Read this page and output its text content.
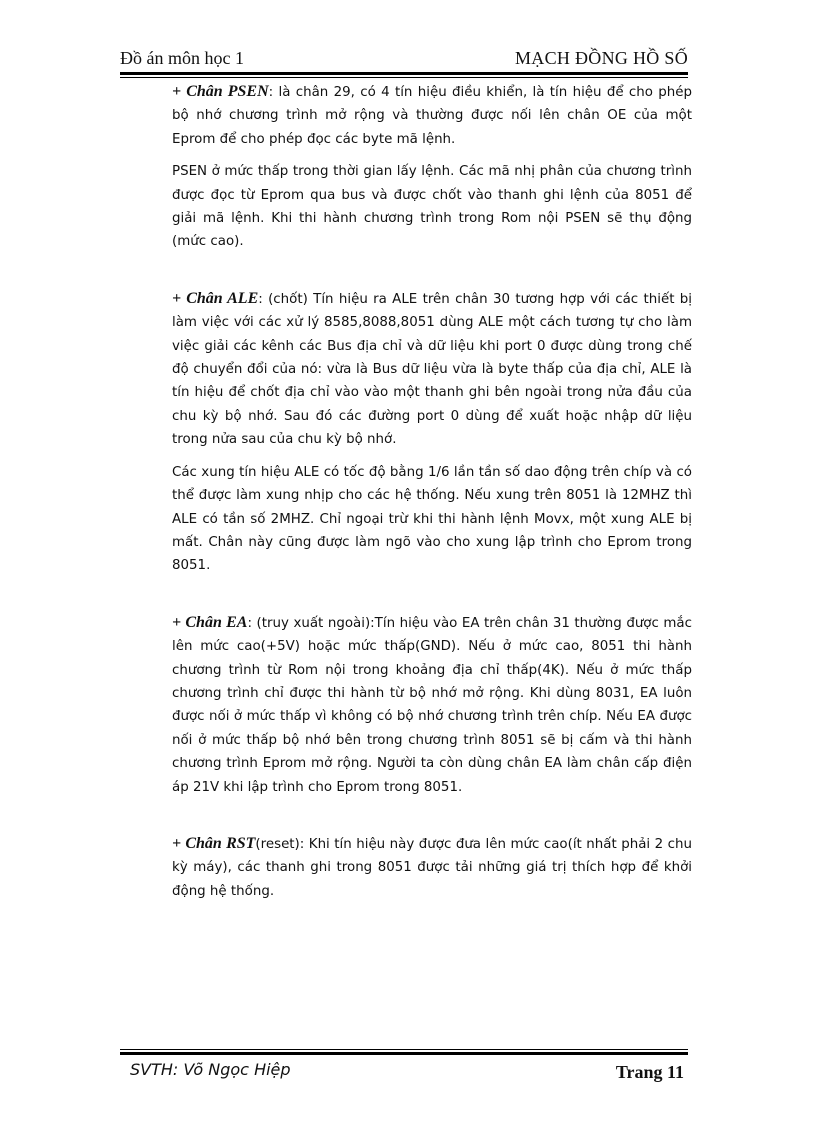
Đồ án môn học 1	MẠCH ĐỒNG HỒ SỐ

+ Chân PSEN: là chân 29, có 4 tín hiệu điều khiển, là tín hiệu để cho phép bộ nhớ chương trình mở rộng và thường được nối lên chân OE của một Eprom để cho phép đọc các byte mã lệnh.

PSEN ở mức thấp trong thời gian lấy lệnh. Các mã nhị phân của chương trình được đọc từ Eprom qua bus và được chốt vào thanh ghi lệnh của 8051 để giải mã lệnh. Khi thi hành chương trình trong Rom nội PSEN sẽ thụ động (mức cao).

+ Chân ALE: (chốt) Tín hiệu ra ALE trên chân 30 tương hợp với các thiết bị làm việc với các xử lý 8585,8088,8051 dùng ALE một cách tương tự cho làm việc giải các kênh các Bus địa chỉ và dữ liệu khi port 0 được dùng trong chế độ chuyển đổi của nó: vừa là Bus dữ liệu vừa là byte thấp của địa chỉ, ALE là tín hiệu để chốt địa chỉ vào vào một thanh ghi bên ngoài trong nửa đầu của chu kỳ bộ nhớ. Sau đó các đường port 0 dùng để xuất hoặc nhập dữ liệu trong nửa sau của chu kỳ bộ nhớ.

Các xung tín hiệu ALE có tốc độ bằng 1/6 lần tần số dao động trên chíp và có thể được làm xung nhịp cho các hệ thống. Nếu xung trên 8051 là 12MHZ thì ALE có tần số 2MHZ. Chỉ ngoại trừ khi thi hành lệnh Movx, một xung ALE bị mất. Chân này cũng được làm ngõ vào cho xung lập trình cho Eprom trong 8051.

+ Chân EA: (truy xuất ngoài):Tín hiệu vào EA trên chân 31 thường được mắc lên mức cao(+5V) hoặc mức thấp(GND). Nếu ở mức cao, 8051 thi hành chương trình từ Rom nội trong khoảng địa chỉ thấp(4K). Nếu ở mức thấp chương trình chỉ được thi hành từ bộ nhớ mở rộng. Khi dùng 8031, EA luôn được nối ở mức thấp vì không có bộ nhớ chương trình trên chíp. Nếu EA được nối ở mức thấp bộ nhớ bên trong chương trình 8051 sẽ bị cấm và thi hành chương trình Eprom mở rộng. Người ta còn dùng chân EA làm chân cấp điện áp 21V khi lập trình cho Eprom trong 8051.

+ Chân RST(reset): Khi tín hiệu này được đưa lên mức cao(ít nhất phải 2 chu kỳ máy), các thanh ghi trong 8051 được tải những giá trị thích hợp để khởi động hệ thống.

SVTH: Võ Ngọc Hiệp	Trang 11
